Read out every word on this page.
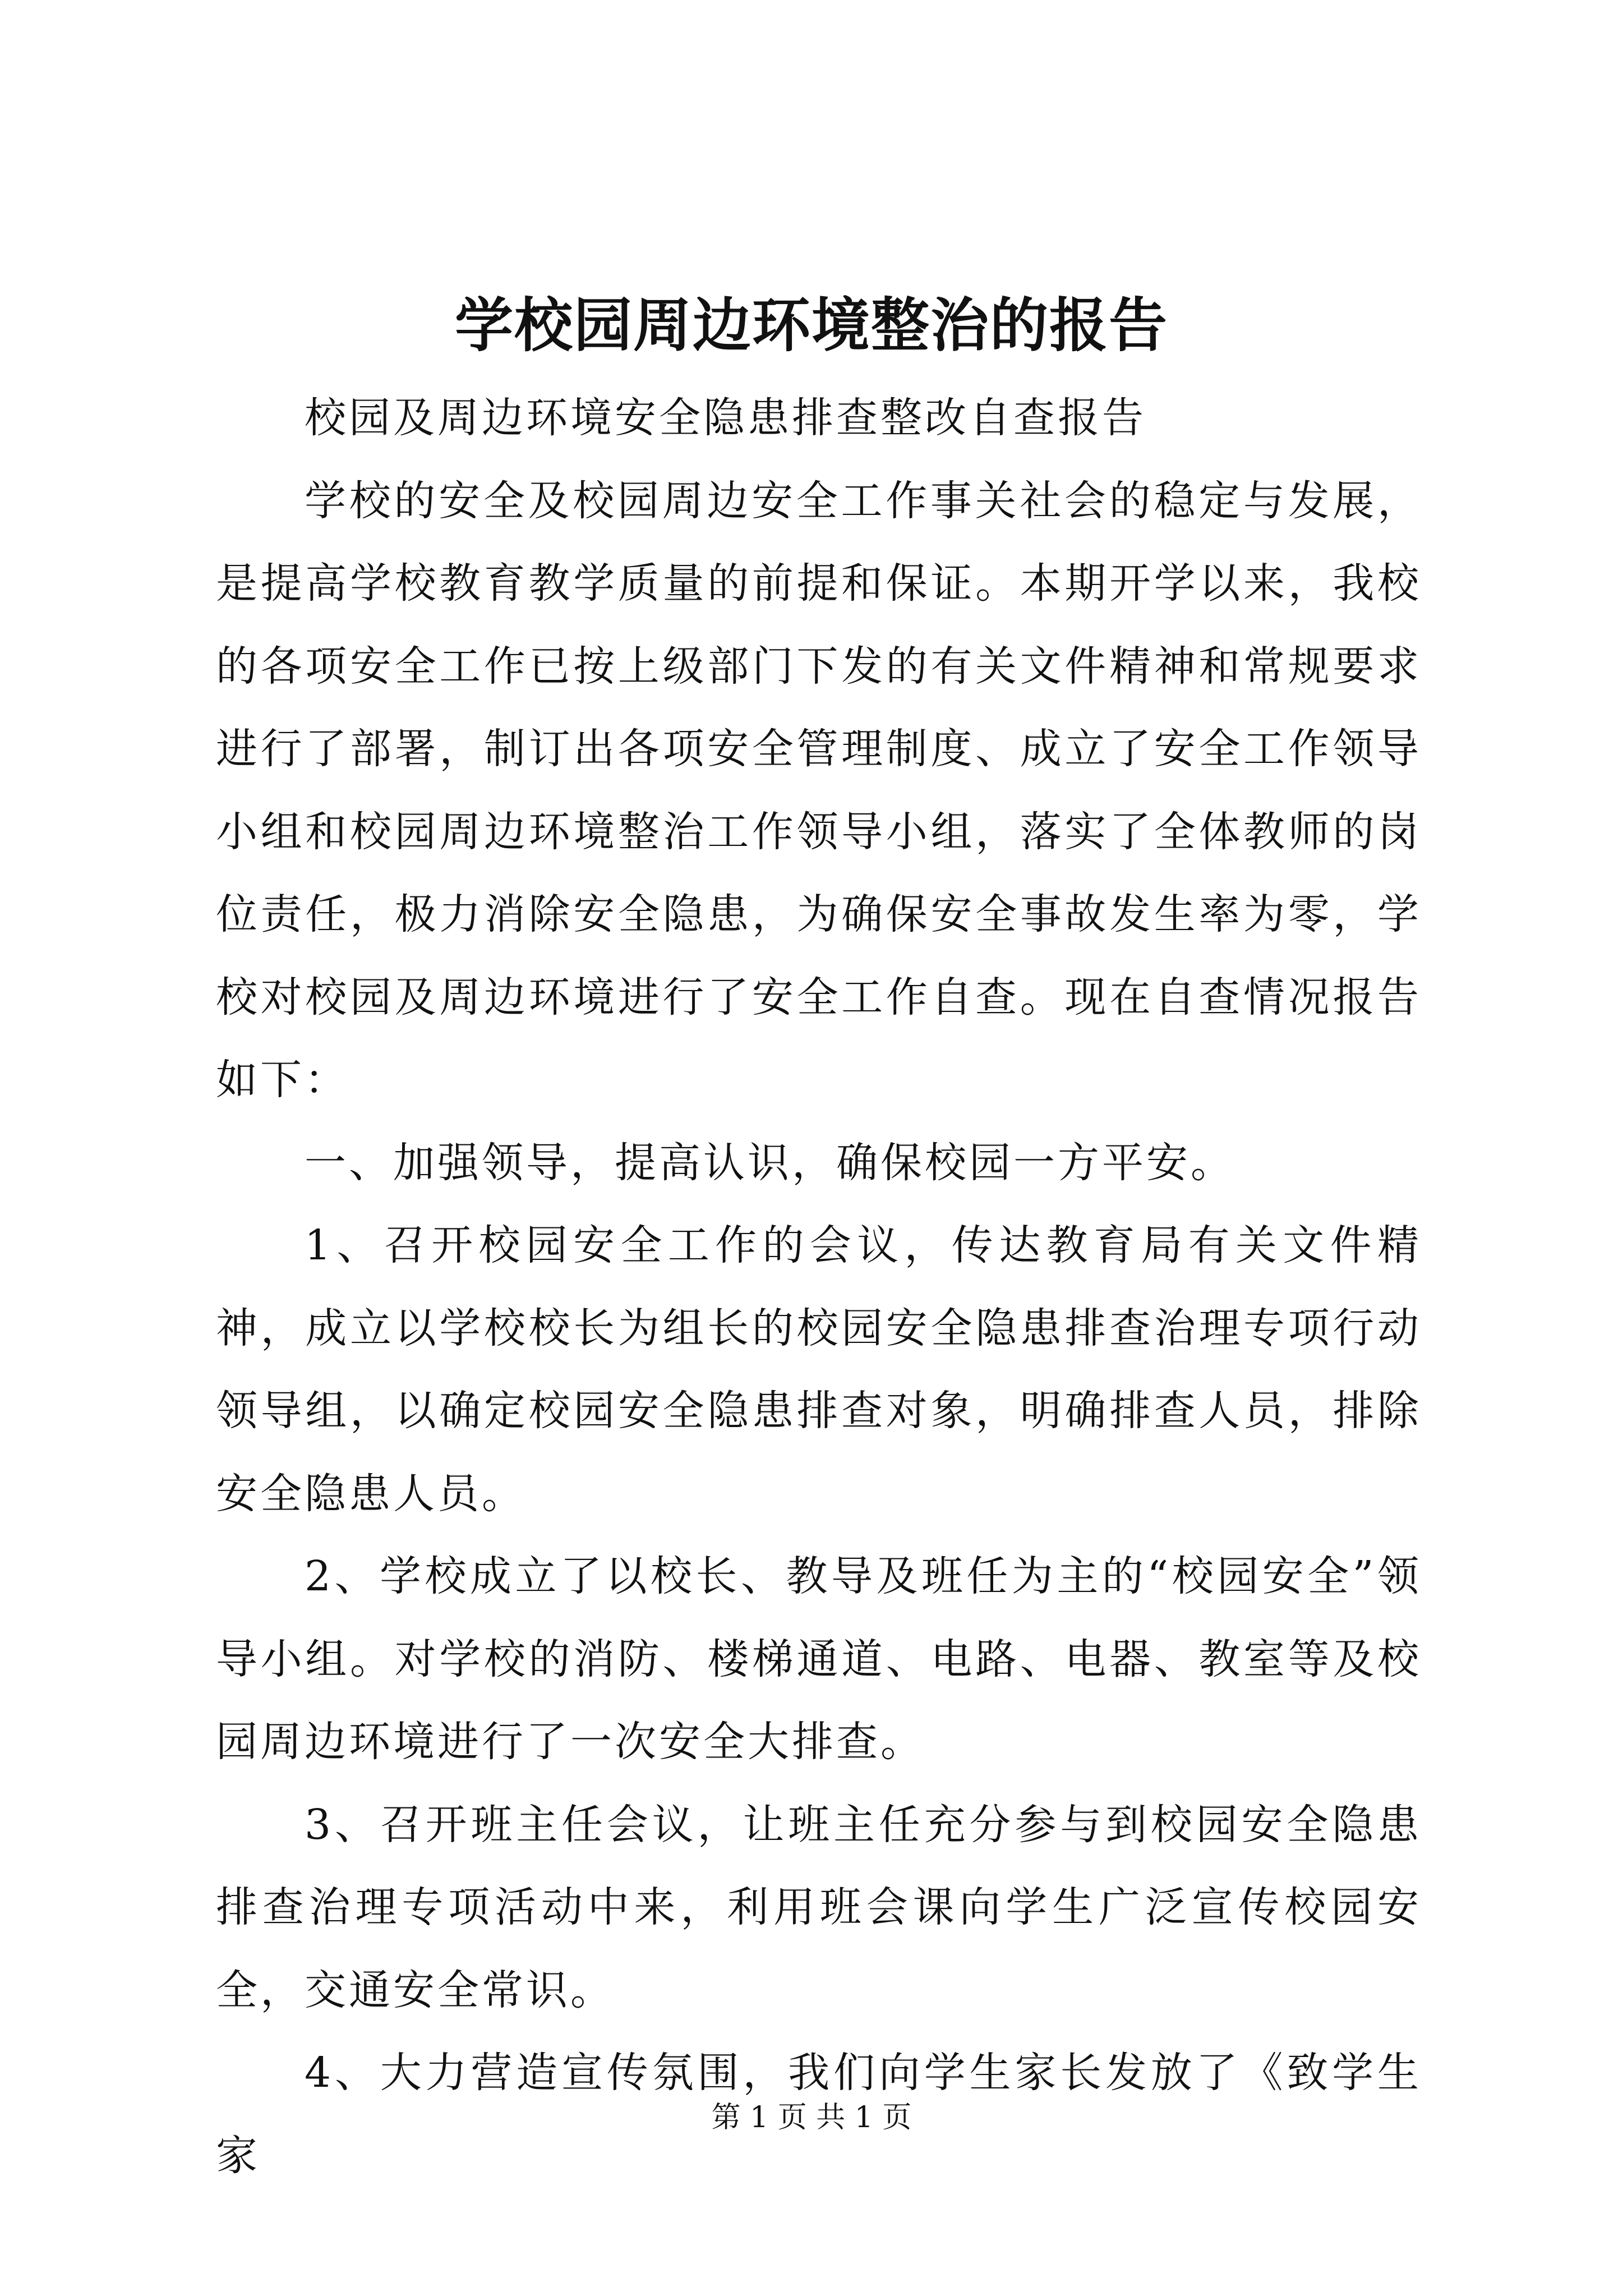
学校园周边环境整治的报告

校园及周边环境安全隐患排查整改自查报告

学校的安全及校园周边安全工作事关社会的稳定与发展，是提高学校教育教学质量的前提和保证。本期开学以来，我校的各项安全工作已按上级部门下发的有关文件精神和常规要求进行了部署，制订出各项安全管理制度、成立了安全工作领导小组和校园周边环境整治工作领导小组，落实了全体教师的岗位责任，极力消除安全隐患，为确保安全事故发生率为零，学校对校园及周边环境进行了安全工作自查。现在自查情况报告如下：

一、加强领导，提高认识，确保校园一方平安。

1、召开校园安全工作的会议，传达教育局有关文件精神，成立以学校校长为组长的校园安全隐患排查治理专项行动领导组，以确定校园安全隐患排查对象，明确排查人员，排除安全隐患人员。

2、学校成立了以校长、教导及班任为主的“校园安全”领导小组。对学校的消防、楼梯通道、电路、电器、教室等及校园周边环境进行了一次安全大排查。

3、召开班主任会议，让班主任充分参与到校园安全隐患排查治理专项活动中来，利用班会课向学生广泛宣传校园安全，交通安全常识。

4、大力营造宣传氛围，我们向学生家长发放了《致学生家

第 1 页 共 1 页
